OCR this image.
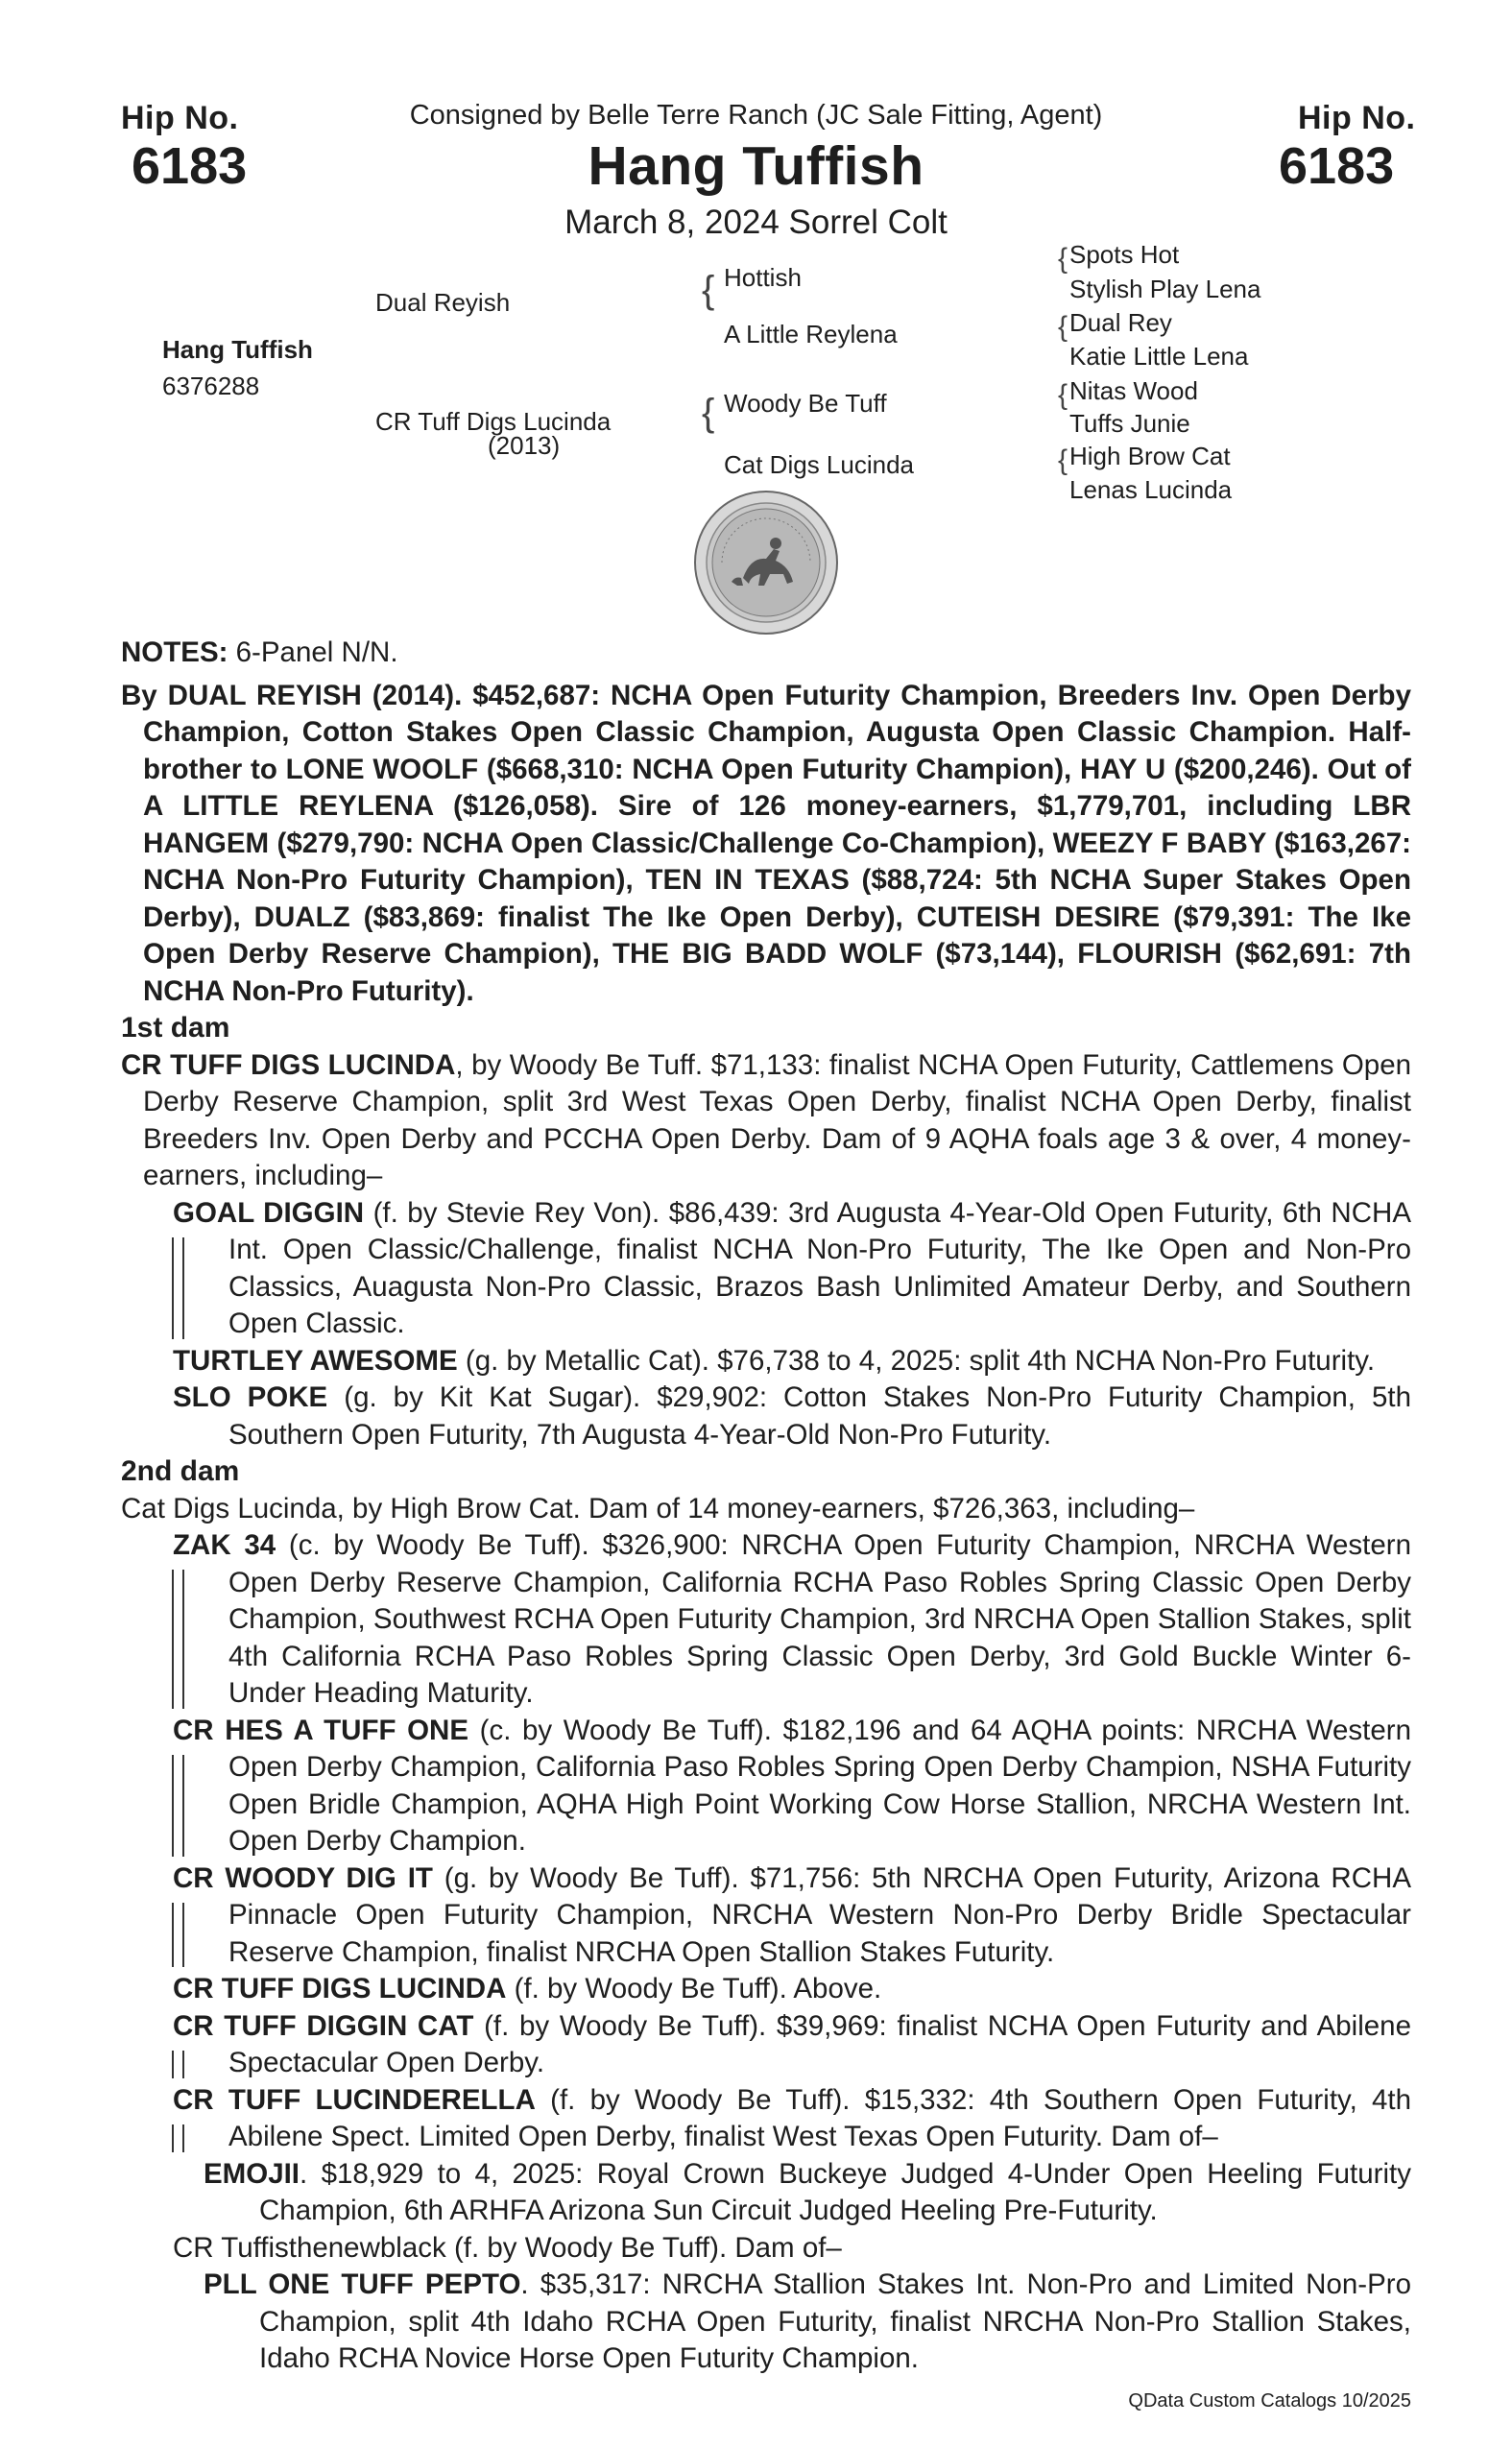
Hip No.
6183
Hip No.
6183
Consigned by Belle Terre Ranch (JC Sale Fitting, Agent)
Hang Tuffish
March 8, 2024 Sorrel Colt
Hang Tuffish
6376288
Dual Reyish
CR Tuff Digs Lucinda
(2013)
{
{
Hottish
A Little Reylena
Woody Be Tuff
Cat Digs Lucinda
{
{
{
{
Spots Hot
Stylish Play Lena
Dual Rey
Katie Little Lena
Nitas Wood
Tuffs Junie
High Brow Cat
Lenas Lucinda

NOTES: 6-Panel N/N.

By DUAL REYISH (2014). $452,687: NCHA Open Futurity Champion, Breeders Inv. Open Derby Champion, Cotton Stakes Open Classic Champion, Augusta Open Classic Champion. Half-brother to LONE WOOLF ($668,310: NCHA Open Futurity Champion), HAY U ($200,246). Out of A LITTLE REYLENA ($126,058). Sire of 126 money-earners, $1,779,701, including LBR HANGEM ($279,790: NCHA Open Classic/Challenge Co-Champion), WEEZY F BABY ($163,267: NCHA Non-Pro Futurity Champion), TEN IN TEXAS ($88,724: 5th NCHA Super Stakes Open Derby), DUALZ ($83,869: finalist The Ike Open Derby), CUTEISH DESIRE ($79,391: The Ike Open Derby Reserve Champion), THE BIG BADD WOLF ($73,144), FLOURISH ($62,691: 7th NCHA Non-Pro Futurity).

1st dam

CR TUFF DIGS LUCINDA, by Woody Be Tuff. $71,133: finalist NCHA Open Futurity, Cattlemens Open Derby Reserve Champion, split 3rd West Texas Open Derby, finalist NCHA Open Derby, finalist Breeders Inv. Open Derby and PCCHA Open Derby. Dam of 9 AQHA foals age 3 & over, 4 money-earners, including–

GOAL DIGGIN (f. by Stevie Rey Von). $86,439: 3rd Augusta 4-Year-Old Open Futurity, 6th NCHA Int. Open Classic/Challenge, finalist NCHA Non-Pro Futurity, The Ike Open and Non-Pro Classics, Auagusta Non-Pro Classic, Brazos Bash Unlimited Amateur Derby, and Southern Open Classic.

TURTLEY AWESOME (g. by Metallic Cat). $76,738 to 4, 2025: split 4th NCHA Non-Pro Futurity.

SLO POKE (g. by Kit Kat Sugar). $29,902: Cotton Stakes Non-Pro Futurity Champion, 5th Southern Open Futurity, 7th Augusta 4-Year-Old Non-Pro Futurity.

2nd dam

Cat Digs Lucinda, by High Brow Cat. Dam of 14 money-earners, $726,363, including–

ZAK 34 (c. by Woody Be Tuff). $326,900: NRCHA Open Futurity Champion, NRCHA Western Open Derby Reserve Champion, California RCHA Paso Robles Spring Classic Open Derby Champion, Southwest RCHA Open Futurity Champion, 3rd NRCHA Open Stallion Stakes, split 4th California RCHA Paso Robles Spring Classic Open Derby, 3rd Gold Buckle Winter 6-Under Heading Maturity.

CR HES A TUFF ONE (c. by Woody Be Tuff). $182,196 and 64 AQHA points: NRCHA Western Open Derby Champion, California Paso Robles Spring Open Derby Champion, NSHA Futurity Open Bridle Champion, AQHA High Point Working Cow Horse Stallion, NRCHA Western Int. Open Derby Champion.

CR WOODY DIG IT (g. by Woody Be Tuff). $71,756: 5th NRCHA Open Futurity, Arizona RCHA Pinnacle Open Futurity Champion, NRCHA Western Non-Pro Derby Bridle Spectacular Reserve Champion, finalist NRCHA Open Stallion Stakes Futurity.

CR TUFF DIGS LUCINDA (f. by Woody Be Tuff). Above.

CR TUFF DIGGIN CAT (f. by Woody Be Tuff). $39,969: finalist NCHA Open Futurity and Abilene Spectacular Open Derby.

CR TUFF LUCINDERELLA (f. by Woody Be Tuff). $15,332: 4th Southern Open Futurity, 4th Abilene Spect. Limited Open Derby, finalist West Texas Open Futurity. Dam of–

EMOJII. $18,929 to 4, 2025: Royal Crown Buckeye Judged 4-Under Open Heeling Futurity Champion, 6th ARHFA Arizona Sun Circuit Judged Heeling Pre-Futurity.

CR Tuffisthenewblack (f. by Woody Be Tuff). Dam of–

PLL ONE TUFF PEPTO. $35,317: NRCHA Stallion Stakes Int. Non-Pro and Limited Non-Pro Champion, split 4th Idaho RCHA Open Futurity, finalist NRCHA Non-Pro Stallion Stakes, Idaho RCHA Novice Horse Open Futurity Champion.

QData Custom Catalogs 10/2025
